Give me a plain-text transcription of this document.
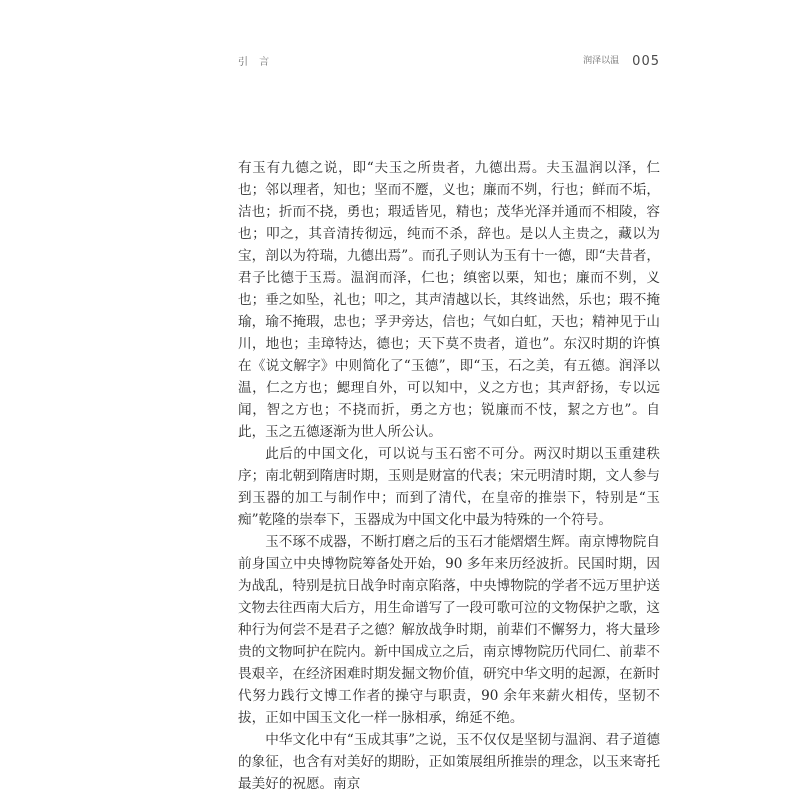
引 言	润泽以温 005

有玉有九德之说，即“夫玉之所贵者，九德出焉。夫玉温润以泽，仁也；邻以理者，知也；坚而不蹷，义也；廉而不刿，行也；鲜而不垢，洁也；折而不挠，勇也；瑕适皆见，精也；茂华光泽并通而不相陵，容也；叩之，其音清抟彻远，纯而不杀，辞也。是以人主贵之，藏以为宝，剖以为符瑞，九德出焉”。而孔子则认为玉有十一德，即“夫昔者，君子比德于玉焉。温润而泽，仁也；缜密以栗，知也；廉而不刿，义也；垂之如坠，礼也；叩之，其声清越以长，其终诎然，乐也；瑕不掩瑜，瑜不掩瑕，忠也；孚尹旁达，信也；气如白虹，天也；精神见于山川，地也；圭璋特达，德也；天下莫不贵者，道也”。东汉时期的许慎在《说文解字》中则简化了“玉德”，即“玉，石之美，有五德。润泽以温，仁之方也；鰓理自外，可以知中，义之方也；其声舒扬，专以远闻，智之方也；不挠而折，勇之方也；锐廉而不忮，絜之方也”。自此，玉之五德逐渐为世人所公认。

此后的中国文化，可以说与玉石密不可分。两汉时期以玉重建秩序；南北朝到隋唐时期，玉则是财富的代表；宋元明清时期，文人参与到玉器的加工与制作中；而到了清代，在皇帝的推崇下，特别是“玉痴”乾隆的崇奉下，玉器成为中国文化中最为特殊的一个符号。

玉不琢不成器，不断打磨之后的玉石才能熠熠生辉。南京博物院自前身国立中央博物院筹备处开始，90 多年来历经波折。民国时期，因为战乱，特别是抗日战争时南京陷落，中央博物院的学者不远万里护送文物去往西南大后方，用生命谱写了一段可歌可泣的文物保护之歌，这种行为何尝不是君子之德？解放战争时期，前辈们不懈努力，将大量珍贵的文物呵护在院内。新中国成立之后，南京博物院历代同仁、前辈不畏艰辛，在经济困难时期发掘文物价值，研究中华文明的起源，在新时代努力践行文博工作者的操守与职责，90 余年来薪火相传，坚韧不拔，正如中国玉文化一样一脉相承，绵延不绝。

中华文化中有“玉成其事”之说，玉不仅仅是坚韧与温润、君子道德的象征，也含有对美好的期盼，正如策展组所推崇的理念，以玉来寄托最美好的祝愿。南京
